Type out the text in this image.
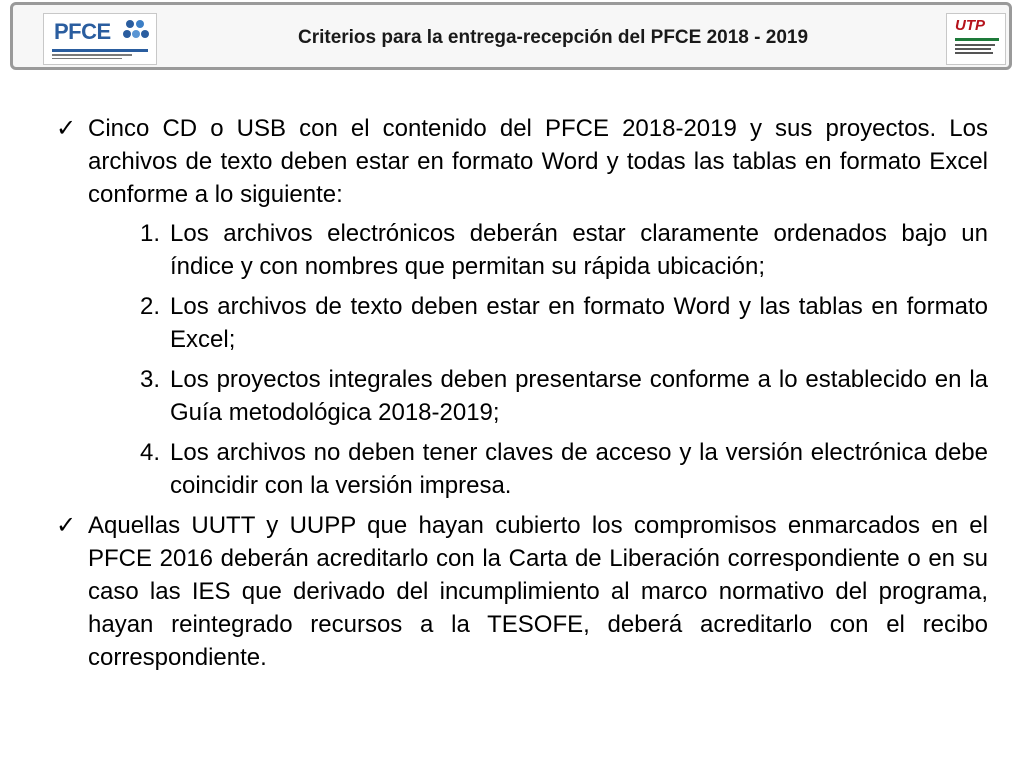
PFCE	Criterios para la entrega-recepción del PFCE 2018 - 2019
UTP
✓ Cinco CD o USB con el contenido del PFCE 2018-2019 y sus proyectos. Los archivos de texto deben estar en formato Word y todas las tablas en formato Excel conforme a lo siguiente:

1. Los archivos electrónicos deberán estar claramente ordenados bajo un índice y con nombres que permitan su rápida ubicación;
2. Los archivos de texto deben estar en formato Word y las tablas en formato Excel;
3. Los proyectos integrales deben presentarse conforme a lo establecido en la Guía metodológica 2018-2019;
4. Los archivos no deben tener claves de acceso y la versión electrónica debe coincidir con la versión impresa.
✓ Aquellas UUTT y UUPP que hayan cubierto los compromisos enmarcados en el PFCE 2016 deberán acreditarlo con la Carta de Liberación correspondiente o en su caso las IES que derivado del incumplimiento al marco normativo del programa, hayan reintegrado recursos a la TESOFE, deberá acreditarlo con el recibo correspondiente.
